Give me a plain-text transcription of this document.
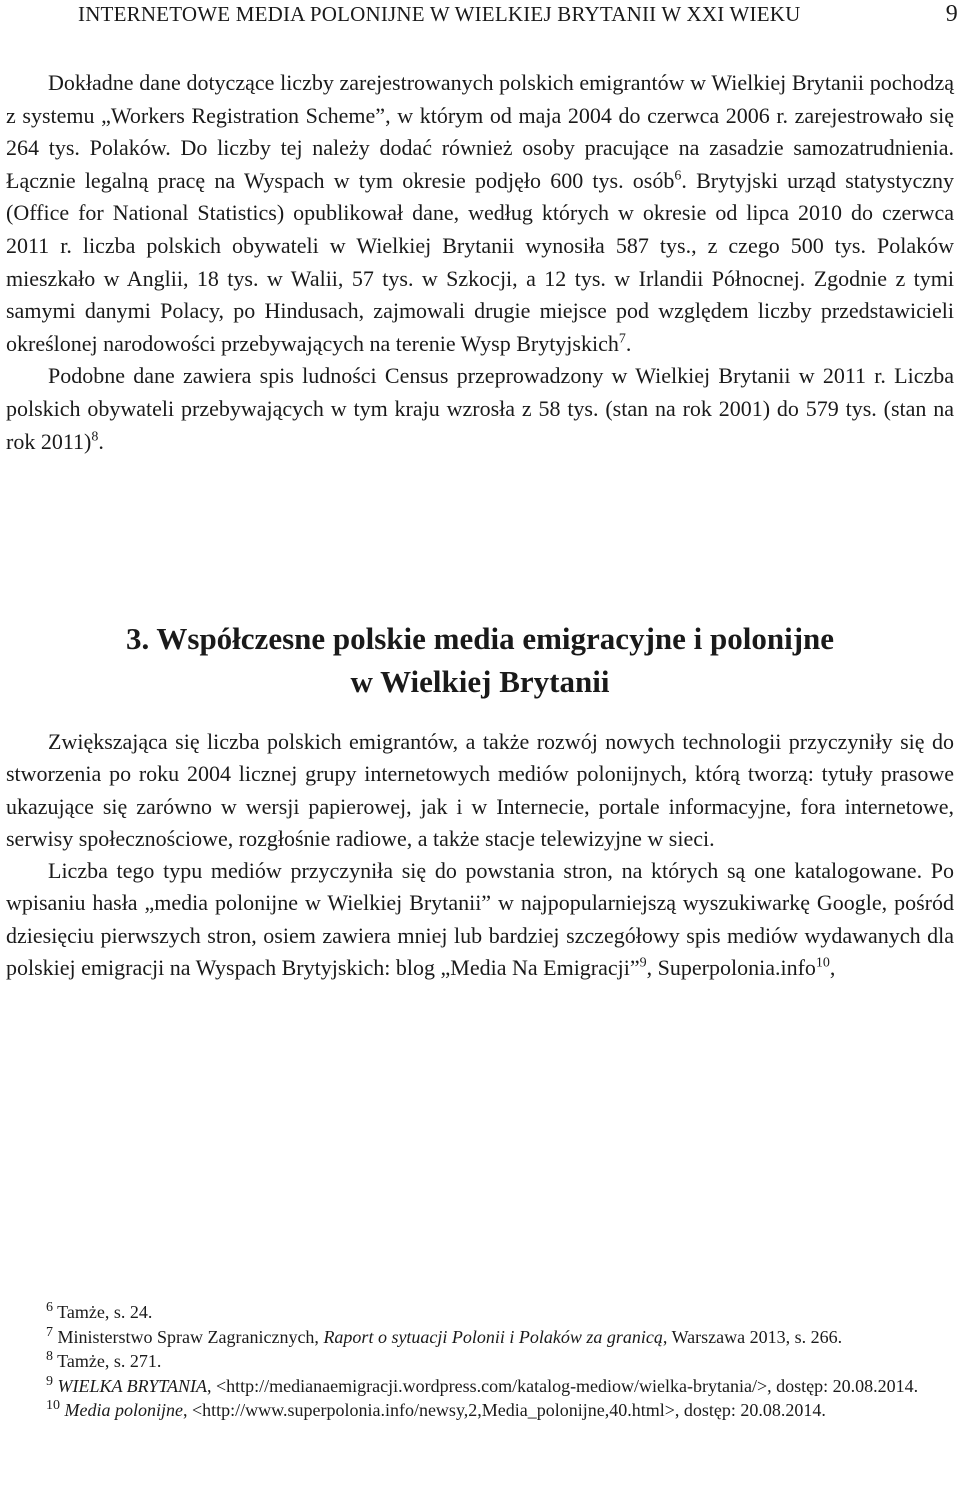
INTERNETOWE MEDIA POLONIJNE W WIELKIEJ BRYTANII W XXI WIEKU	9

Dokładne dane dotyczące liczby zarejestrowanych polskich emigrantów w Wielkiej Brytanii pochodzą z systemu „Workers Registration Scheme”, w którym od maja 2004 do czerwca 2006 r. zarejestrowało się 264 tys. Polaków. Do liczby tej należy dodać również osoby pracujące na zasadzie samozatrudnienia. Łącznie legalną pracę na Wyspach w tym okresie podjęło 600 tys. osób$^6$. Brytyjski urząd statystyczny (Office for National Statistics) opublikował dane, według których w okresie od lipca 2010 do czerwca 2011 r. liczba polskich obywateli w Wielkiej Brytanii wynosiła 587 tys., z czego 500 tys. Polaków mieszkało w Anglii, 18 tys. w Walii, 57 tys. w Szkocji, a 12 tys. w Irlandii Północnej. Zgodnie z tymi samymi danymi Polacy, po Hindusach, zajmowali drugie miejsce pod względem liczby przedstawicieli określonej narodowości przebywających na terenie Wysp Brytyjskich$^7$.

Podobne dane zawiera spis ludności Census przeprowadzony w Wielkiej Brytanii w 2011 r. Liczba polskich obywateli przebywających w tym kraju wzrosła z 58 tys. (stan na rok 2001) do 579 tys. (stan na rok 2011)$^8$.

3. Współczesne polskie media emigracyjne i polonijne
w Wielkiej Brytanii

Zwiększająca się liczba polskich emigrantów, a także rozwój nowych technologii przyczyniły się do stworzenia po roku 2004 licznej grupy internetowych mediów polonijnych, którą tworzą: tytuły prasowe ukazujące się zarówno w wersji papierowej, jak i w Internecie, portale informacyjne, fora internetowe, serwisy społecznościowe, rozgłośnie radiowe, a także stacje telewizyjne w sieci.

Liczba tego typu mediów przyczyniła się do powstania stron, na których są one katalogowane. Po wpisaniu hasła „media polonijne w Wielkiej Brytanii” w najpopularniejszą wyszukiwarkę Google, pośród dziesięciu pierwszych stron, osiem zawiera mniej lub bardziej szczegółowy spis mediów wydawanych dla polskiej emigracji na Wyspach Brytyjskich: blog „Media Na Emigracji”$^9$, Superpolonia.info$^{10}$,

$^6$ Tamże, s. 24.

$^7$ Ministerstwo Spraw Zagranicznych, Raport o sytuacji Polonii i Polaków za granicą, Warszawa 2013, s. 266.

$^8$ Tamże, s. 271.

$^9$ WIELKA BRYTANIA, <http://medianaemigracji.wordpress.com/katalog-mediow/wielka-brytania/>, dostęp: 20.08.2014.

$^{10}$ Media polonijne, <http://www.superpolonia.info/newsy,2,Media_polonijne,40.html>, dostęp: 20.08.2014.
